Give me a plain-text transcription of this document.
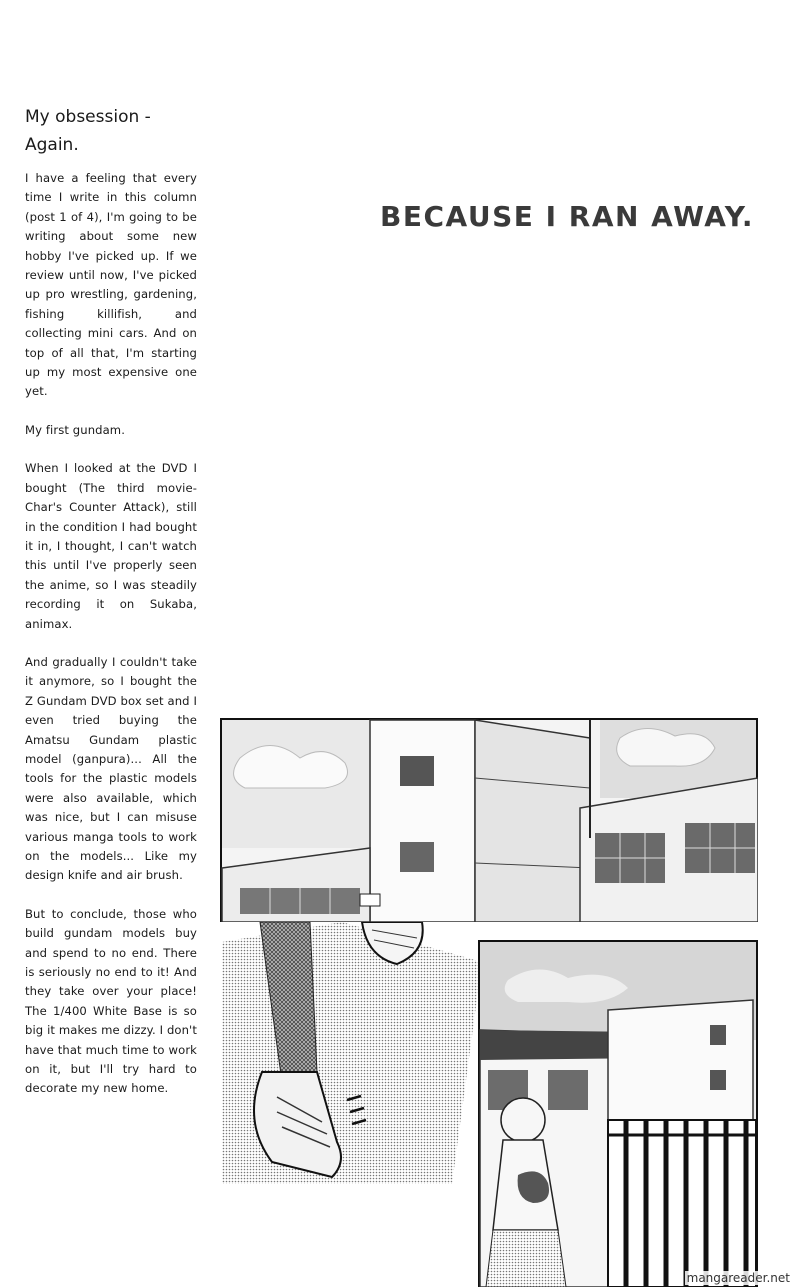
My obsession -
Again.

I have a feeling that every time I write in this column (post 1 of 4), I'm going to be writing about some new hobby I've picked up. If we review until now, I've picked up pro wrestling, gardening, fishing killifish, and collecting mini cars. And on top of all that, I'm starting up my most expensive one yet.

My first gundam.

When I looked at the DVD I bought (The third movie-Char's Counter Attack), still in the condition I had bought it in, I thought, I can't watch this until I've properly seen the anime, so I was steadily recording it on Sukaba, animax.

And gradually I couldn't take it anymore, so I bought the Z Gundam DVD box set and I even tried buying the Amatsu Gundam plastic model (ganpura)... All the tools for the plastic models were also available, which was nice, but I can misuse various manga tools to work on the models... Like my design knife and air brush.

But to conclude, those who build gundam models buy and spend to no end. There is seriously no end to it! And they take over your place! The 1/400 White Base is so big it makes me dizzy. I don't have that much time to work on it, but I'll try hard to decorate my new home.

BECAUSE I RAN AWAY.
mangareader.net
